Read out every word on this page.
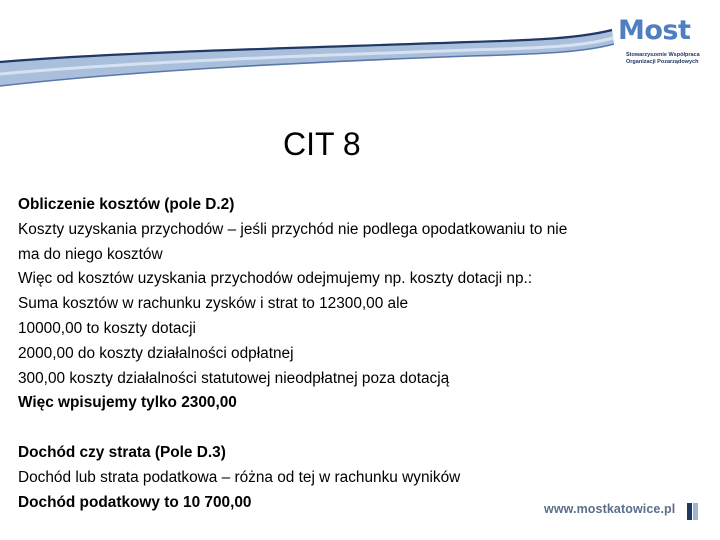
Most
Stowarzyszenie Współpraca
Organizacji Pozarządowych
CIT 8

Obliczenie kosztów (pole D.2)

Koszty uzyskania przychodów – jeśli przychód nie podlega opodatkowaniu to nie

ma do niego kosztów

Więc od kosztów uzyskania przychodów odejmujemy np. koszty dotacji np.:

Suma kosztów w rachunku zysków i strat to 12300,00 ale

10000,00 to koszty dotacji

2000,00 do koszty działalności odpłatnej

300,00 koszty działalności statutowej nieodpłatnej poza dotacją

Więc wpisujemy tylko 2300,00

Dochód czy strata (Pole D.3)

Dochód lub strata podatkowa – różna od tej w rachunku wyników

Dochód podatkowy to 10 700,00	www.mostkatowice.pl
